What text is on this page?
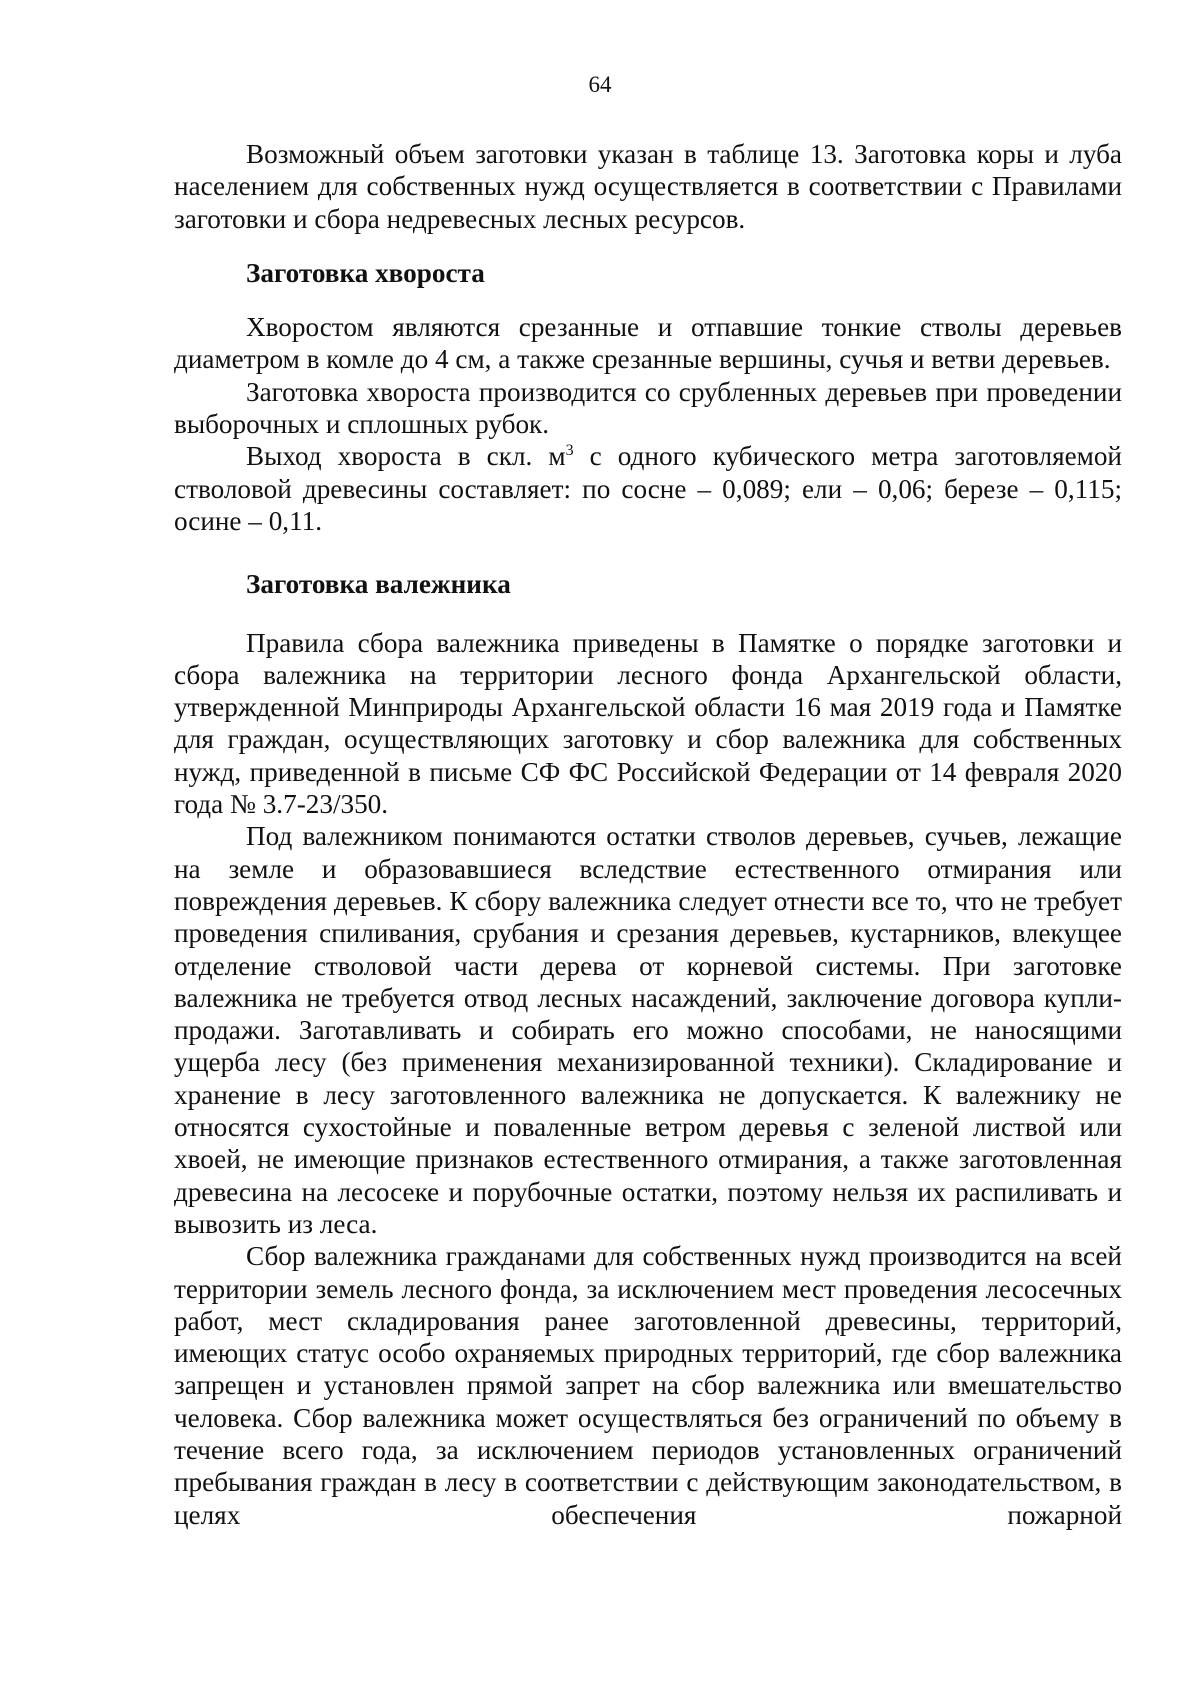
64

Возможный объем заготовки указан в таблице 13. Заготовка коры и луба населением для собственных нужд осуществляется в соответствии с Правилами заготовки и сбора недревесных лесных ресурсов.

Заготовка хвороста

Хворостом являются срезанные и отпавшие тонкие стволы деревьев диаметром в комле до 4 см, а также срезанные вершины, сучья и ветви деревьев.

Заготовка хвороста производится со срубленных деревьев при проведении выборочных и сплошных рубок.

Выход хвороста в скл. $м^3$ с одного кубического метра заготовляемой стволовой древесины составляет: по сосне – 0,089; ели – 0,06; березе – 0,115; осине – 0,11.

Заготовка валежника

Правила сбора валежника приведены в Памятке о порядке заготовки и сбора валежника на территории лесного фонда Архангельской области, утвержденной Минприроды Архангельской области 16 мая 2019 года и Памятке для граждан, осуществляющих заготовку и сбор валежника для собственных нужд, приведенной в письме СФ ФС Российской Федерации от 14 февраля 2020 года № 3.7-23/350.

Под валежником понимаются остатки стволов деревьев, сучьев, лежащие на земле и образовавшиеся вследствие естественного отмирания или повреждения деревьев. К сбору валежника следует отнести все то, что не требует проведения спиливания, срубания и срезания деревьев, кустарников, влекущее отделение стволовой части дерева от корневой системы. При заготовке валежника не требуется отвод лесных насаждений, заключение договора купли-продажи. Заготавливать и собирать его можно способами, не наносящими ущерба лесу (без применения механизированной техники). Складирование и хранение в лесу заготовленного валежника не допускается. К валежнику не относятся сухостойные и поваленные ветром деревья с зеленой листвой или хвоей, не имеющие признаков естественного отмирания, а также заготовленная древесина на лесосеке и порубочные остатки, поэтому нельзя их распиливать и вывозить из леса.

Сбор валежника гражданами для собственных нужд производится на всей территории земель лесного фонда, за исключением мест проведения лесосечных работ, мест складирования ранее заготовленной древесины, территорий, имеющих статус особо охраняемых природных территорий, где сбор валежника запрещен и установлен прямой запрет на сбор валежника или вмешательство человека. Сбор валежника может осуществляться без ограничений по объему в течение всего года, за исключением периодов установленных ограничений пребывания граждан в лесу в соответствии с действующим законодательством, в целях обеспечения пожарной
